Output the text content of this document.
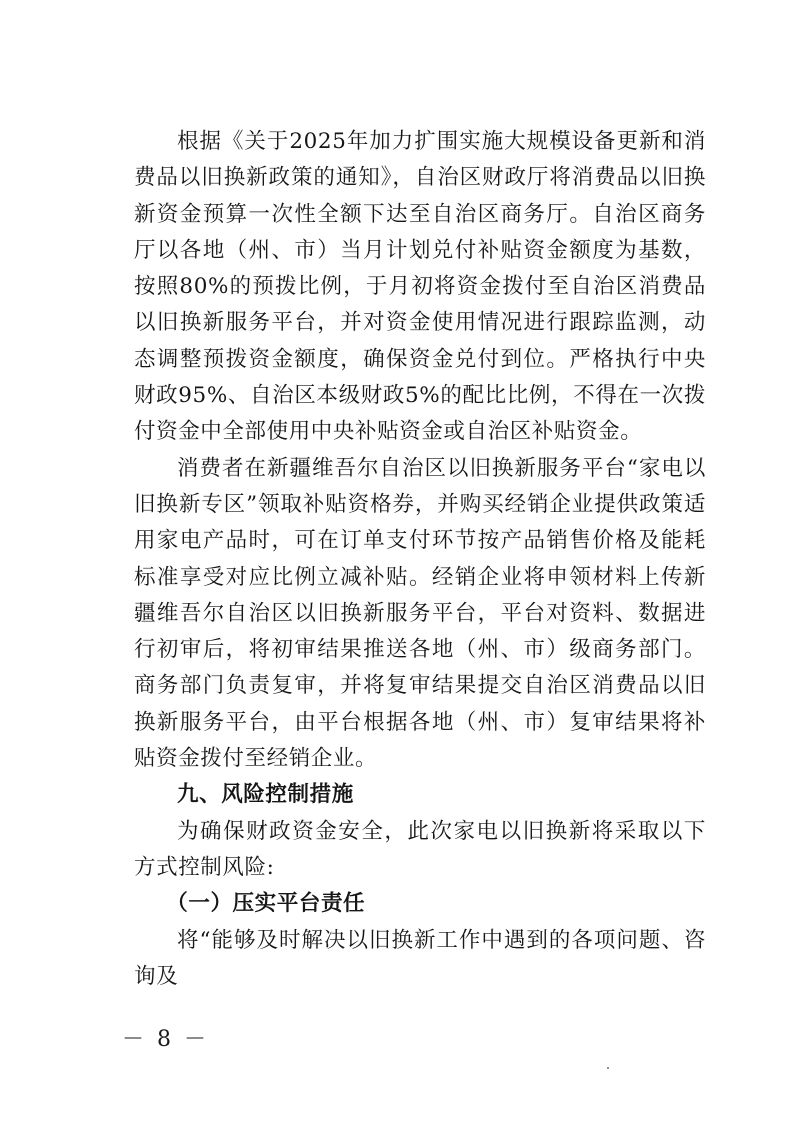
根据《关于2025年加力扩围实施大规模设备更新和消费品以旧换新政策的通知》，自治区财政厅将消费品以旧换新资金预算一次性全额下达至自治区商务厅。自治区商务厅以各地（州、市）当月计划兑付补贴资金额度为基数，按照80%的预拨比例，于月初将资金拨付至自治区消费品以旧换新服务平台，并对资金使用情况进行跟踪监测，动态调整预拨资金额度，确保资金兑付到位。严格执行中央财政95%、自治区本级财政5%的配比比例，不得在一次拨付资金中全部使用中央补贴资金或自治区补贴资金。

消费者在新疆维吾尔自治区以旧换新服务平台“家电以旧换新专区”领取补贴资格券，并购买经销企业提供政策适用家电产品时，可在订单支付环节按产品销售价格及能耗标准享受对应比例立减补贴。经销企业将申领材料上传新疆维吾尔自治区以旧换新服务平台，平台对资料、数据进行初审后，将初审结果推送各地（州、市）级商务部门。商务部门负责复审，并将复审结果提交自治区消费品以旧换新服务平台，由平台根据各地（州、市）复审结果将补贴资金拨付至经销企业。

九、风险控制措施

为确保财政资金安全，此次家电以旧换新将采取以下方式控制风险:

（一）压实平台责任

将“能够及时解决以旧换新工作中遇到的各项问题、咨询及

－ 8 －
